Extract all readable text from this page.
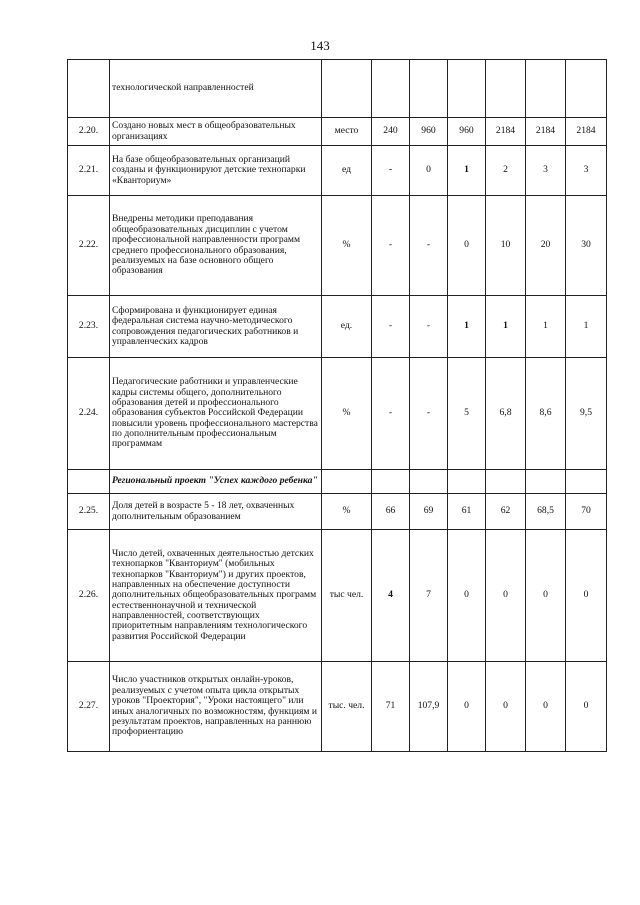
143
	технологической направленностей							
2.20.	Создано новых мест в общеобразовательных организациях	место	240	960	960	2184	2184	2184
2.21.	На базе общеобразовательных организаций созданы и функционируют детские технопарки «Кванториум»	ед	-	0	1	2	3	3
2.22.	Внедрены методики преподавания общеобразовательных дисциплин с учетом профессиональной направленности программ среднего профессионального образования, реализуемых на базе основного общего образования	%	-	-	0	10	20	30
2.23.	Сформирована и функционирует единая федеральная система научно-методического сопровождения педагогических работников и управленческих кадров	ед.	-	-	1	1	1	1
2.24.	Педагогические работники и управленческие кадры системы общего, дополнительного образования детей и профессионального образования субъектов Российской Федерации повысили уровень профессионального мастерства по дополнительным профессиональным программам	%	-	-	5	6,8	8,6	9,5
	Региональный проект "Успех каждого ребенка"							
2.25.	Доля детей в возрасте 5 - 18 лет, охваченных дополнительным образованием	%	66	69	61	62	68,5	70
2.26.	Число детей, охваченных деятельностью детских технопарков "Кванториум" (мобильных технопарков "Кванториум") и других проектов, направленных на обеспечение доступности дополнительных общеобразовательных программ естественнонаучной и технической направленностей, соответствующих приоритетным направлениям технологического развития Российской Федерации	тыс чел.	4	7	0	0	0	0
2.27.	Число участников открытых онлайн-уроков, реализуемых с учетом опыта цикла открытых уроков "Проектория", "Уроки настоящего" или иных аналогичных по возможностям, функциям и результатам проектов, направленных на раннюю профориентацию	тыс. чел.	71	107,9	0	0	0	0
